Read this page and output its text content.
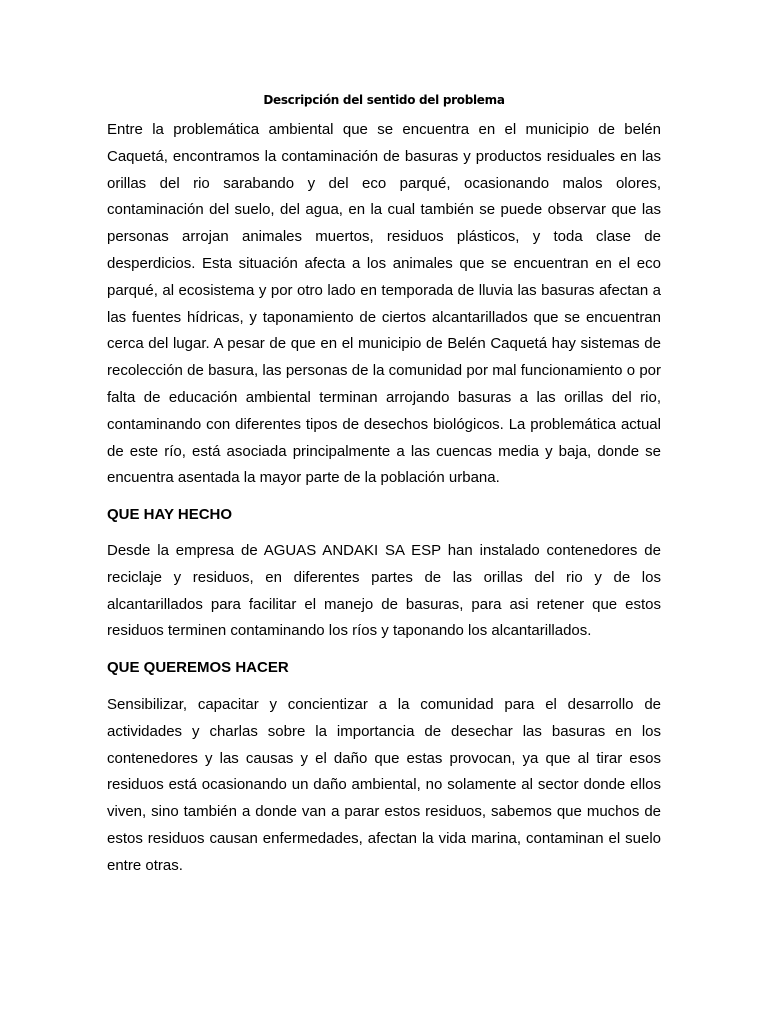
Descripción del sentido del problema

Entre la problemática ambiental que se encuentra en el municipio de belén Caquetá, encontramos la contaminación de basuras y productos residuales en las orillas del rio sarabando y del eco parqué, ocasionando malos olores, contaminación del suelo, del agua, en la cual también se puede observar que las personas arrojan animales muertos, residuos plásticos, y toda clase de desperdicios. Esta situación afecta a los animales que se encuentran en el eco parqué, al ecosistema y por otro lado en temporada de lluvia las basuras afectan a las fuentes hídricas, y taponamiento de ciertos alcantarillados que se encuentran cerca del lugar. A pesar de que en el municipio de Belén Caquetá hay sistemas de recolección de basura, las personas de la comunidad por mal funcionamiento o por falta de educación ambiental terminan arrojando basuras a las orillas del rio, contaminando con diferentes tipos de desechos biológicos. La problemática actual de este río, está asociada principalmente a las cuencas media y baja, donde se encuentra asentada la mayor parte de la población urbana.

QUE HAY HECHO

Desde la empresa de AGUAS ANDAKI SA ESP han instalado contenedores de reciclaje y residuos, en diferentes partes de las orillas del rio y de los alcantarillados para facilitar el manejo de basuras, para asi retener que estos residuos terminen contaminando los ríos y taponando los alcantarillados.

QUE QUEREMOS HACER

Sensibilizar, capacitar y concientizar a la comunidad para el desarrollo de actividades y charlas sobre la importancia de desechar las basuras en los contenedores y las causas y el daño que estas provocan, ya que al tirar esos residuos está ocasionando un daño ambiental, no solamente al sector donde ellos viven, sino también a donde van a parar estos residuos, sabemos que muchos de estos residuos causan enfermedades, afectan la vida marina, contaminan el suelo entre otras.
